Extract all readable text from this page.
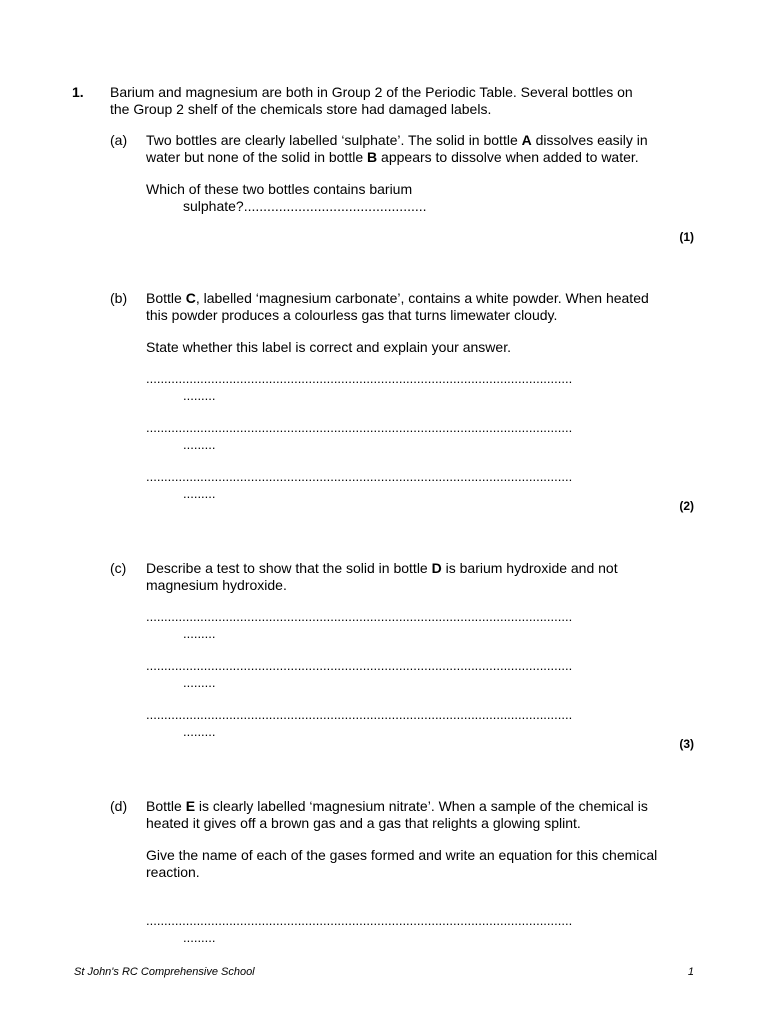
1. Barium and magnesium are both in Group 2 of the Periodic Table. Several bottles on the Group 2 shelf of the chemicals store had damaged labels.
(a) Two bottles are clearly labelled ‘sulphate’. The solid in bottle A dissolves easily in water but none of the solid in bottle B appears to dissolve when added to water.

Which of these two bottles contains barium
sulphate?...............................................

(1)
(b) Bottle C, labelled ‘magnesium carbonate’, contains a white powder. When heated this powder produces a colourless gas that turns limewater cloudy.

State whether this label is correct and explain your answer.

......................................................................................................................
.........
......................................................................................................................
.........
......................................................................................................................
.........
(2)
(c) Describe a test to show that the solid in bottle D is barium hydroxide and not magnesium hydroxide.

......................................................................................................................
.........
......................................................................................................................
.........
......................................................................................................................
.........
(3)
(d) Bottle E is clearly labelled ‘magnesium nitrate’. When a sample of the chemical is heated it gives off a brown gas and a gas that relights a glowing splint.

Give the name of each of the gases formed and write an equation for this chemical reaction.

......................................................................................................................
.........
St John's RC Comprehensive School	1
